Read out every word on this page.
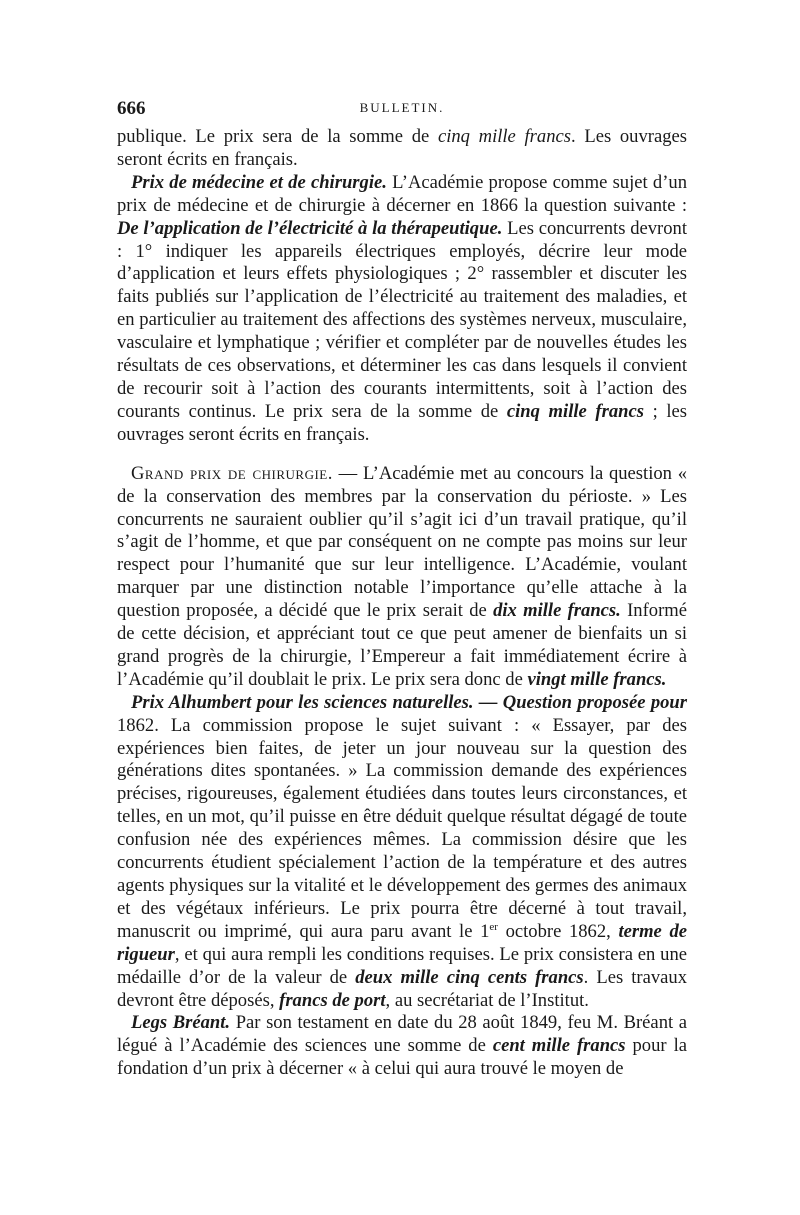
666	BULLETIN.

publique. Le prix sera de la somme de cinq mille francs. Les ouvrages seront écrits en français.

Prix de médecine et de chirurgie. L’Académie propose comme sujet d’un prix de médecine et de chirurgie à décerner en 1866 la question suivante : De l’application de l’électricité à la thérapeutique. Les concurrents devront : 1° indiquer les appareils électriques employés, décrire leur mode d’application et leurs effets physiologiques ; 2° rassembler et discuter les faits publiés sur l’application de l’électricité au traitement des maladies, et en particulier au traitement des affections des systèmes nerveux, musculaire, vasculaire et lymphatique ; vérifier et compléter par de nouvelles études les résultats de ces observations, et déterminer les cas dans lesquels il convient de recourir soit à l’action des courants intermittents, soit à l’action des courants continus. Le prix sera de la somme de cinq mille francs ; les ouvrages seront écrits en français.

Grand prix de chirurgie. — L’Académie met au concours la question « de la conservation des membres par la conservation du périoste. » Les concurrents ne sauraient oublier qu’il s’agit ici d’un travail pratique, qu’il s’agit de l’homme, et que par conséquent on ne compte pas moins sur leur respect pour l’humanité que sur leur intelligence. L’Académie, voulant marquer par une distinction notable l’importance qu’elle attache à la question proposée, a décidé que le prix serait de dix mille francs. Informé de cette décision, et appréciant tout ce que peut amener de bienfaits un si grand progrès de la chirurgie, l’Empereur a fait immédiatement écrire à l’Académie qu’il doublait le prix. Le prix sera donc de vingt mille francs.

Prix Alhumbert pour les sciences naturelles. — Question proposée pour 1862. La commission propose le sujet suivant : « Essayer, par des expériences bien faites, de jeter un jour nouveau sur la question des générations dites spontanées. » La commission demande des expériences précises, rigoureuses, également étudiées dans toutes leurs circonstances, et telles, en un mot, qu’il puisse en être déduit quelque résultat dégagé de toute confusion née des expériences mêmes. La commission désire que les concurrents étudient spécialement l’action de la température et des autres agents physiques sur la vitalité et le développement des germes des animaux et des végétaux inférieurs. Le prix pourra être décerné à tout travail, manuscrit ou imprimé, qui aura paru avant le 1er octobre 1862, terme de rigueur, et qui aura rempli les conditions requises. Le prix consistera en une médaille d’or de la valeur de deux mille cinq cents francs. Les travaux devront être déposés, francs de port, au secrétariat de l’Institut.

Legs Bréant. Par son testament en date du 28 août 1849, feu M. Bréant a légué à l’Académie des sciences une somme de cent mille francs pour la fondation d’un prix à décerner « à celui qui aura trouvé le moyen de
